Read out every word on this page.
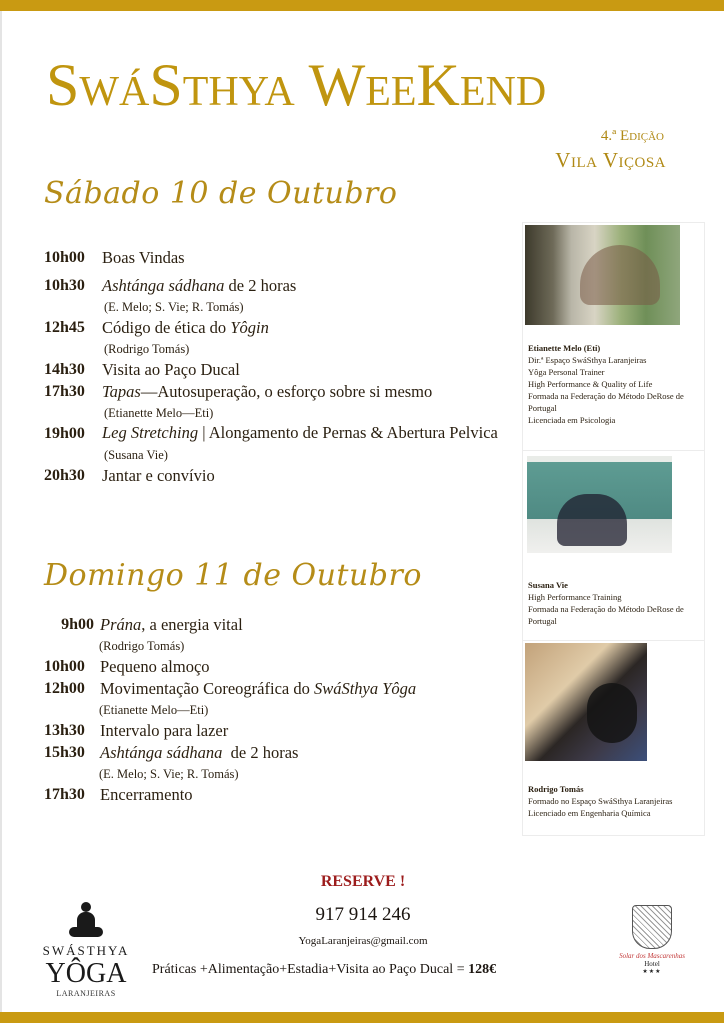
SwáSthya WeeKend
4.ª Edição
Vila Viçosa
Sábado 10 de Outubro
10h00	Boas Vindas
10h30	Ashtánga sádhana de 2 horas
(E. Melo; S. Vie; R. Tomás)
12h45	Código de ética do Yôgin
(Rodrigo Tomás)
14h30	Visita ao Paço Ducal
17h30	Tapas—Autosuperação, o esforço sobre si mesmo
(Etianette Melo—Eti)
19h00	Leg Stretching | Alongamento de Pernas & Abertura Pelvica
(Susana Vie)
20h30	Jantar e convívio
Domingo 11 de Outubro
9h00 Prána, a energia vital
(Rodrigo Tomás)
10h00 Pequeno almoço
12h00 Movimentação Coreográfica do SwáSthya Yôga
(Etianette Melo—Eti)
13h30 Intervalo para lazer
15h30 Ashtánga sádhana  de 2 horas
(E. Melo; S. Vie; R. Tomás)
17h30 Encerramento
Etianette Melo (Eti)
Dir.ª Espaço SwáSthya Laranjeiras
Yôga Personal Trainer
High Performance & Quality of Life
Formada na Federação do Método DeRose de Portugal
Licenciada em Psicologia
Susana Vie
High Performance Training
Formada na Federação do Método DeRose de Portugal
Rodrigo Tomás
Formado no Espaço SwáSthya Laranjeiras
Licenciado em Engenharia Química
RESERVE !
917 914 246
YogaLaranjeiras@gmail.com
Práticas +Alimentação+Estadia+Visita ao Paço Ducal = 128€
SWÁSTHYA
YÔGA
LARANJEIRAS
Solar dos Mascarenhas
Hotel
★★★
